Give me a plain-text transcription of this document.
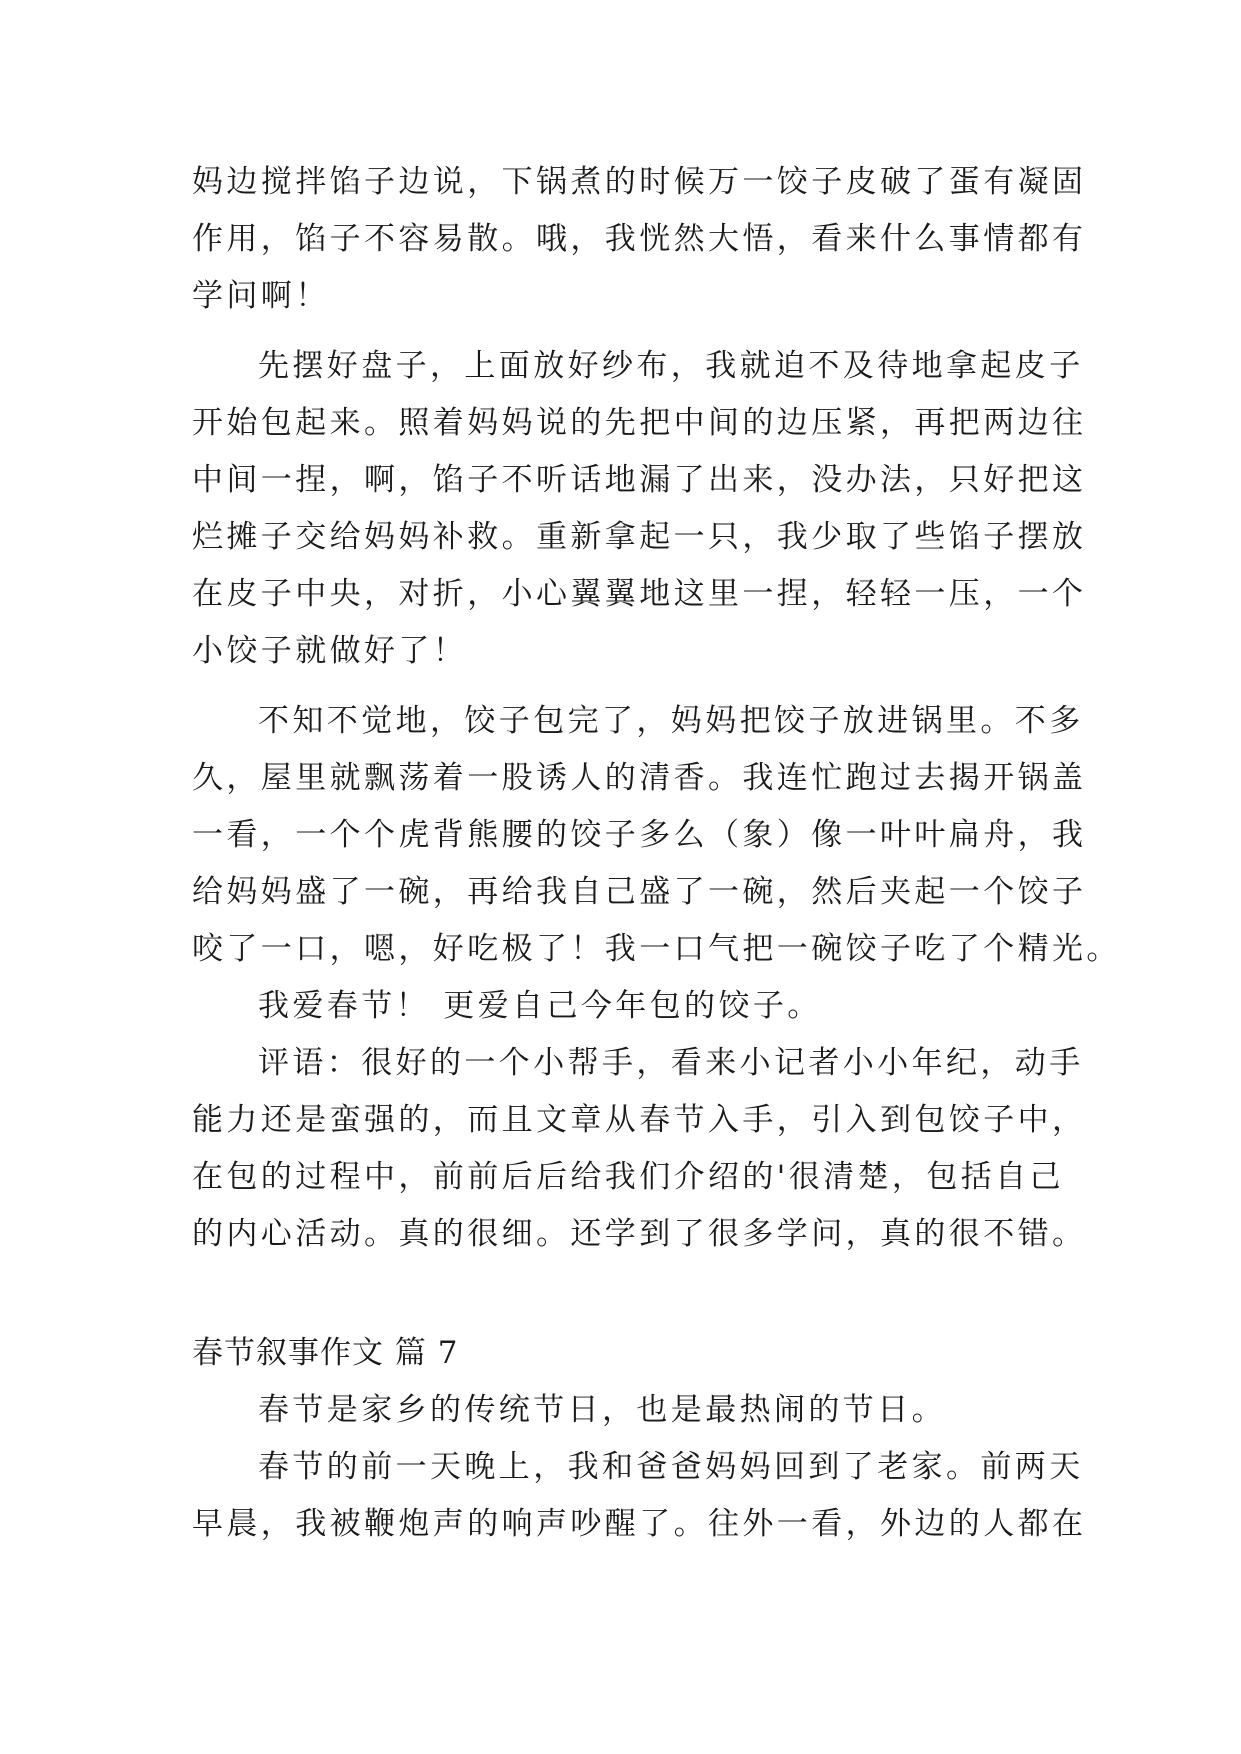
妈边搅拌馅子边说，下锅煮的时候万一饺子皮破了蛋有凝固
作用，馅子不容易散。哦，我恍然大悟，看来什么事情都有
学问啊！
先摆好盘子，上面放好纱布，我就迫不及待地拿起皮子
开始包起来。照着妈妈说的先把中间的边压紧，再把两边往
中间一捏，啊，馅子不听话地漏了出来，没办法，只好把这
烂摊子交给妈妈补救。重新拿起一只，我少取了些馅子摆放
在皮子中央，对折，小心翼翼地这里一捏，轻轻一压，一个
小饺子就做好了！
不知不觉地，饺子包完了，妈妈把饺子放进锅里。不多
久，屋里就飘荡着一股诱人的清香。我连忙跑过去揭开锅盖
一看，一个个虎背熊腰的饺子多么（象）像一叶叶扁舟，我
给妈妈盛了一碗，再给我自己盛了一碗，然后夹起一个饺子
咬了一口，嗯，好吃极了！我一口气把一碗饺子吃了个精光。
我爱春节！ 更爱自己今年包的饺子。
评语：很好的一个小帮手，看来小记者小小年纪，动手
能力还是蛮强的，而且文章从春节入手，引入到包饺子中，
在包的过程中，前前后后给我们介绍的'很清楚，包括自己
的内心活动。真的很细。还学到了很多学问，真的很不错。
春节叙事作文 篇 7
春节是家乡的传统节日，也是最热闹的节日。
春节的前一天晚上，我和爸爸妈妈回到了老家。前两天
早晨，我被鞭炮声的响声吵醒了。往外一看，外边的人都在
